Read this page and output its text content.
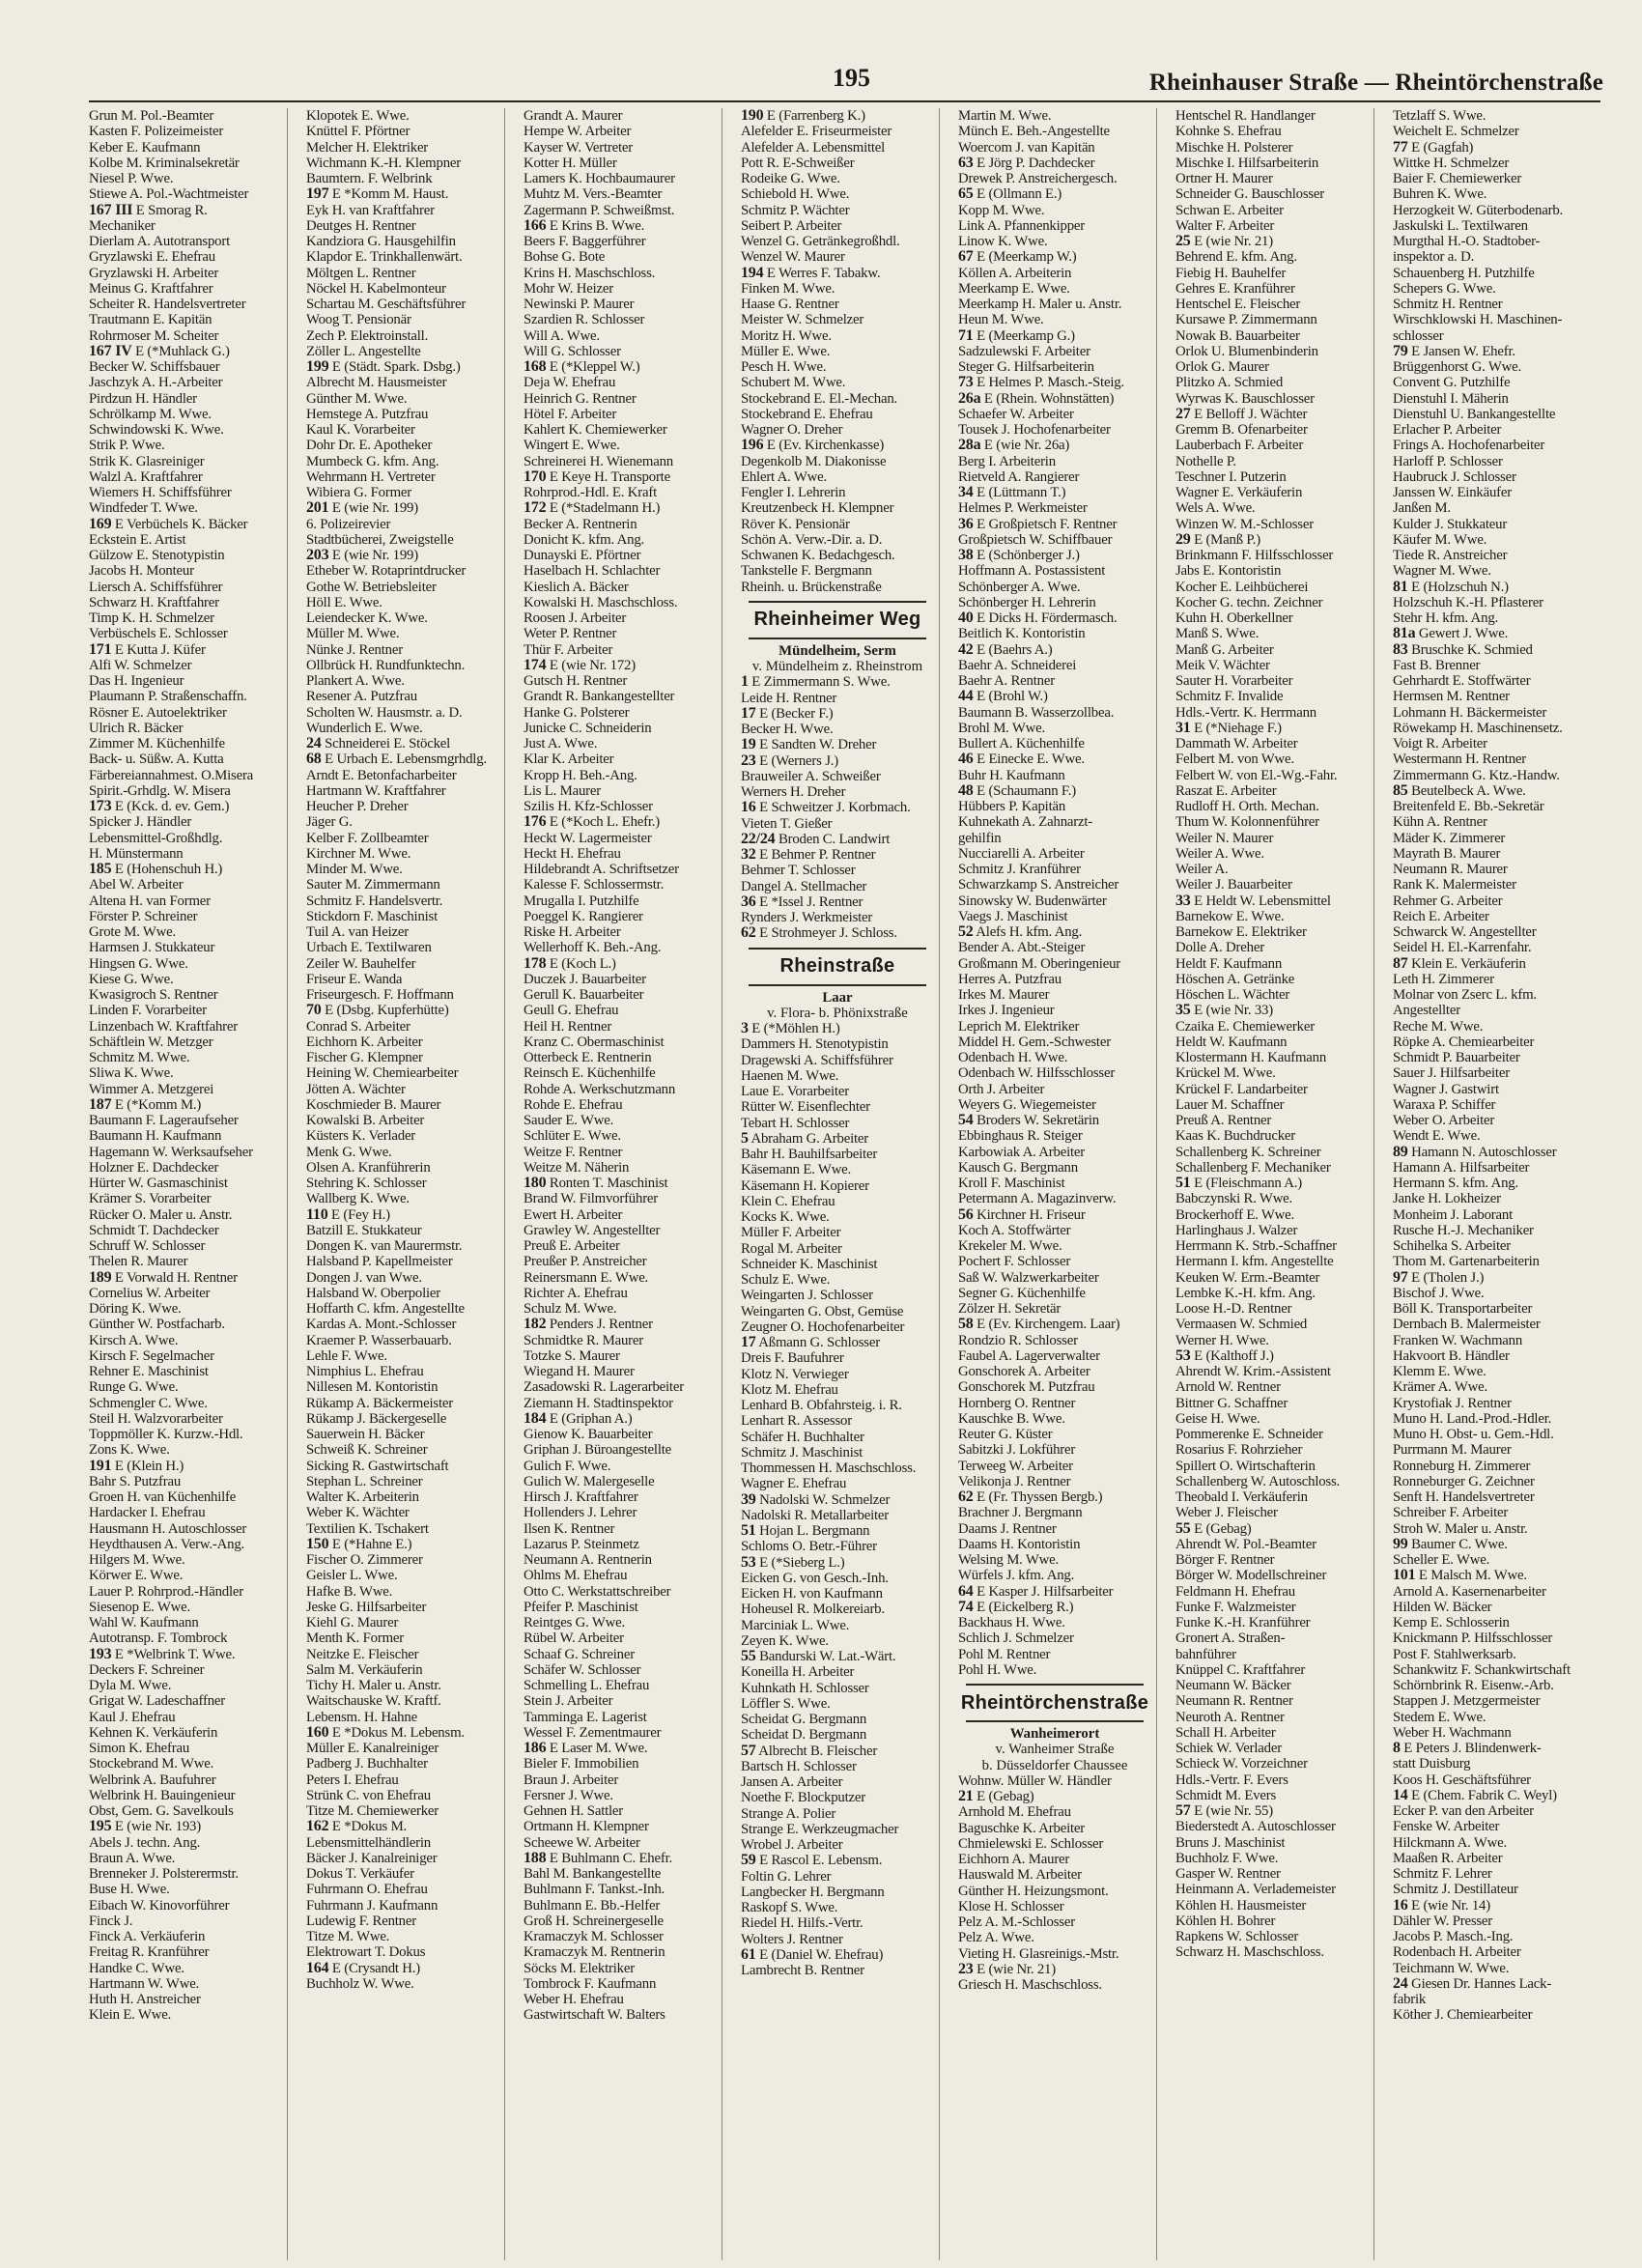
195	Rheinhauser Straße — Rheintörchenstraße
Grun M. Pol.-Beamter
Kasten F. Polizeimeister
Keber E. Kaufmann
Kolbe M. Kriminalsekretär
Niesel P. Wwe.
Stiewe A. Pol.-Wachtmeister
167 III E Smorag R.
Mechaniker
Dierlam A. Autotransport
Gryzlawski E. Ehefrau
Gryzlawski H. Arbeiter
Meinus G. Kraftfahrer
Scheiter R. Handelsvertreter
Trautmann E. Kapitän
Rohrmoser M. Scheiter
167 IV E (*Muhlack G.)
Becker W. Schiffsbauer
Jaschzyk A. H.-Arbeiter
Pirdzun H. Händler
Schrölkamp M. Wwe.
Schwindowski K. Wwe.
Strik P. Wwe.
Strik K. Glasreiniger
Walzl A. Kraftfahrer
Wiemers H. Schiffsführer
Windfeder T. Wwe.
169 E Verbüchels K. Bäcker
Eckstein E. Artist
Gülzow E. Stenotypistin
Jacobs H. Monteur
Liersch A. Schiffsführer
Schwarz H. Kraftfahrer
Timp K. H. Schmelzer
Verbüschels E. Schlosser
171 E Kutta J. Küfer
Alfi W. Schmelzer
Das H. Ingenieur
Plaumann P. Straßenschaffn.
Rösner E. Autoelektriker
Ulrich R. Bäcker
Zimmer M. Küchenhilfe
Back- u. Süßw. A. Kutta
Färbereiannahmest. O.Misera
Spirit.-Grhdlg. W. Misera
173 E (Kck. d. ev. Gem.)
Spicker J. Händler
Lebensmittel-Großhdlg.
H. Münstermann
185 E (Hohenschuh H.)
Abel W. Arbeiter
Altena H. van Former
Förster P. Schreiner
Grote M. Wwe.
Harmsen J. Stukkateur
Hingsen G. Wwe.
Kiese G. Wwe.
Kwasigroch S. Rentner
Linden F. Vorarbeiter
Linzenbach W. Kraftfahrer
Schäftlein W. Metzger
Schmitz M. Wwe.
Sliwa K. Wwe.
Wimmer A. Metzgerei
187 E (*Komm M.)
Baumann F. Lageraufseher
Baumann H. Kaufmann
Hagemann W. Werksaufseher
Holzner E. Dachdecker
Hürter W. Gasmaschinist
Krämer S. Vorarbeiter
Rücker O. Maler u. Anstr.
Schmidt T. Dachdecker
Schruff W. Schlosser
Thelen R. Maurer
189 E Vorwald H. Rentner
Cornelius W. Arbeiter
Döring K. Wwe.
Günther W. Postfacharb.
Kirsch A. Wwe.
Kirsch F. Segelmacher
Rehner E. Maschinist
Runge G. Wwe.
Schmengler C. Wwe.
Steil H. Walzvorarbeiter
Toppmöller K. Kurzw.-Hdl.
Zons K. Wwe.
191 E (Klein H.)
Bahr S. Putzfrau
Groen H. van Küchenhilfe
Hardacker I. Ehefrau
Hausmann H. Autoschlosser
Heydthausen A. Verw.-Ang.
Hilgers M. Wwe.
Körwer E. Wwe.
Lauer P. Rohrprod.-Händler
Siesenop E. Wwe.
Wahl W. Kaufmann
Autotransp. F. Tombrock
193 E *Welbrink T. Wwe.
Deckers F. Schreiner
Dyla M. Wwe.
Grigat W. Ladeschaffner
Kaul J. Ehefrau
Kehnen K. Verkäuferin
Simon K. Ehefrau
Stockebrand M. Wwe.
Welbrink A. Baufuhrer
Welbrink H. Bauingenieur
Obst, Gem. G. Savelkouls
195 E (wie Nr. 193)
Abels J. techn. Ang.
Braun A. Wwe.
Brenneker J. Polsterermstr.
Buse H. Wwe.
Eibach W. Kinovorführer
Finck J.
Finck A. Verkäuferin
Freitag R. Kranführer
Handke C. Wwe.
Hartmann W. Wwe.
Huth H. Anstreicher
Klein E. Wwe.
Klopotek E. Wwe.
Knüttel F. Pförtner
Melcher H. Elektriker
Wichmann K.-H. Klempner
Baumtern. F. Welbrink
197 E *Komm M. Haust.
Eyk H. van Kraftfahrer
Deutges H. Rentner
Kandziora G. Hausgehilfin
Klapdor E. Trinkhallenwärt.
Möltgen L. Rentner
Nöckel H. Kabelmonteur
Schartau M. Geschäftsführer
Woog T. Pensionär
Zech P. Elektroinstall.
Zöller L. Angestellte
199 E (Städt. Spark. Dsbg.)
Albrecht M. Hausmeister
Günther M. Wwe.
Hemstege A. Putzfrau
Kaul K. Vorarbeiter
Dohr Dr. E. Apotheker
Mumbeck G. kfm. Ang.
Wehrmann H. Vertreter
Wibiera G. Former
201 E (wie Nr. 199)
6. Polizeirevier
Stadtbücherei, Zweigstelle
203 E (wie Nr. 199)
Etheber W. Rotaprintdrucker
Gothe W. Betriebsleiter
Höll E. Wwe.
Leiendecker K. Wwe.
Müller M. Wwe.
Nünke J. Rentner
Ollbrück H. Rundfunktechn.
Plankert A. Wwe.
Resener A. Putzfrau
Scholten W. Hausmstr. a. D.
Wunderlich E. Wwe.
24 Schneiderei E. Stöckel
68 E Urbach E. Lebensmgrhdlg.
Arndt E. Betonfacharbeiter
Hartmann W. Kraftfahrer
Heucher P. Dreher
Jäger G.
Kelber F. Zollbeamter
Kirchner M. Wwe.
Minder M. Wwe.
Sauter M. Zimmermann
Schmitz F. Handelsvertr.
Stickdorn F. Maschinist
Tuil A. van Heizer
Urbach E. Textilwaren
Zeiler W. Bauhelfer
Friseur E. Wanda
Friseurgesch. F. Hoffmann
70 E (Dsbg. Kupferhütte)
Conrad S. Arbeiter
Eichhorn K. Arbeiter
Fischer G. Klempner
Heining W. Chemiearbeiter
Jötten A. Wächter
Koschmieder B. Maurer
Kowalski B. Arbeiter
Küsters K. Verlader
Menk G. Wwe.
Olsen A. Kranführerin
Stehring K. Schlosser
Wallberg K. Wwe.
110 E (Fey H.)
Batzill E. Stukkateur
Dongen K. van Maurermstr.
Halsband P. Kapellmeister
Dongen J. van Wwe.
Halsband W. Oberpolier
Hoffarth C. kfm. Angestellte
Kardas A. Mont.-Schlosser
Kraemer P. Wasserbauarb.
Lehle F. Wwe.
Nimphius L. Ehefrau
Nillesen M. Kontoristin
Rükamp A. Bäckermeister
Rükamp J. Bäckergeselle
Sauerwein H. Bäcker
Schweiß K. Schreiner
Sicking R. Gastwirtschaft
Stephan L. Schreiner
Walter K. Arbeiterin
Weber K. Wächter
Textilien K. Tschakert
150 E (*Hahne E.)
Fischer O. Zimmerer
Geisler L. Wwe.
Hafke B. Wwe.
Jeske G. Hilfsarbeiter
Kiehl G. Maurer
Menth K. Former
Neitzke E. Fleischer
Salm M. Verkäuferin
Tichy H. Maler u. Anstr.
Waitschauske W. Kraftf.
Lebensm. H. Hahne
160 E *Dokus M. Lebensm.
Müller E. Kanalreiniger
Padberg J. Buchhalter
Peters I. Ehefrau
Strünk C. von Ehefrau
Titze M. Chemiewerker
162 E *Dokus M.
Lebensmittelhändlerin
Bäcker J. Kanalreiniger
Dokus T. Verkäufer
Fuhrmann O. Ehefrau
Fuhrmann J. Kaufmann
Ludewig F. Rentner
Titze M. Wwe.
Elektrowart T. Dokus
164 E (Crysandt H.)
Buchholz W. Wwe.
Grandt A. Maurer
Hempe W. Arbeiter
Kayser W. Vertreter
Kotter H. Müller
Lamers K. Hochbaumaurer
Muhtz M. Vers.-Beamter
Zagermann P. Schweißmst.
166 E Krins B. Wwe.
Beers F. Baggerführer
Bohse G. Bote
Krins H. Maschschloss.
Mohr W. Heizer
Newinski P. Maurer
Szardien R. Schlosser
Will A. Wwe.
Will G. Schlosser
168 E (*Kleppel W.)
Deja W. Ehefrau
Heinrich G. Rentner
Hötel F. Arbeiter
Kahlert K. Chemiewerker
Wingert E. Wwe.
Schreinerei H. Wienemann
170 E Keye H. Transporte
Rohrprod.-Hdl. E. Kraft
172 E (*Stadelmann H.)
Becker A. Rentnerin
Donicht K. kfm. Ang.
Dunayski E. Pförtner
Haselbach H. Schlachter
Kieslich A. Bäcker
Kowalski H. Maschschloss.
Roosen J. Arbeiter
Weter P. Rentner
Thür F. Arbeiter
174 E (wie Nr. 172)
Gutsch H. Rentner
Grandt R. Bankangestellter
Hanke G. Polsterer
Junicke C. Schneiderin
Just A. Wwe.
Klar K. Arbeiter
Kropp H. Beh.-Ang.
Lis L. Maurer
Szilis H. Kfz-Schlosser
176 E (*Koch L. Ehefr.)
Heckt W. Lagermeister
Heckt H. Ehefrau
Hildebrandt A. Schriftsetzer
Kalesse F. Schlossermstr.
Mrugalla I. Putzhilfe
Poeggel K. Rangierer
Riske H. Arbeiter
Wellerhoff K. Beh.-Ang.
178 E (Koch L.)
Duczek J. Bauarbeiter
Gerull K. Bauarbeiter
Geull G. Ehefrau
Heil H. Rentner
Kranz C. Obermaschinist
Otterbeck E. Rentnerin
Reinsch E. Küchenhilfe
Rohde A. Werkschutzmann
Rohde E. Ehefrau
Sauder E. Wwe.
Schlüter E. Wwe.
Weitze F. Rentner
Weitze M. Näherin
180 Ronten T. Maschinist
Brand W. Filmvorführer
Ewert H. Arbeiter
Grawley W. Angestellter
Preuß E. Arbeiter
Preußer P. Anstreicher
Reinersmann E. Wwe.
Richter A. Ehefrau
Schulz M. Wwe.
182 Penders J. Rentner
Schmidtke R. Maurer
Totzke S. Maurer
Wiegand H. Maurer
Zasadowski R. Lagerarbeiter
Ziemann H. Stadtinspektor
184 E (Griphan A.)
Gienow K. Bauarbeiter
Griphan J. Büroangestellte
Gulich F. Wwe.
Gulich W. Malergeselle
Hirsch J. Kraftfahrer
Hollenders J. Lehrer
Ilsen K. Rentner
Lazarus P. Steinmetz
Neumann A. Rentnerin
Ohlms M. Ehefrau
Otto C. Werkstattschreiber
Pfeifer P. Maschinist
Reintges G. Wwe.
Rübel W. Arbeiter
Schaaf G. Schreiner
Schäfer W. Schlosser
Schmelling L. Ehefrau
Stein J. Arbeiter
Tamminga E. Lagerist
Wessel F. Zementmaurer
186 E Laser M. Wwe.
Bieler F. Immobilien
Braun J. Arbeiter
Fersner J. Wwe.
Gehnen H. Sattler
Ortmann H. Klempner
Scheewe W. Arbeiter
188 E Buhlmann C. Ehefr.
Bahl M. Bankangestellte
Buhlmann F. Tankst.-Inh.
Buhlmann E. Bb.-Helfer
Groß H. Schreinergeselle
Kramaczyk M. Schlosser
Kramaczyk M. Rentnerin
Söcks M. Elektriker
Tombrock F. Kaufmann
Weber H. Ehefrau
Gastwirtschaft W. Balters
190 E (Farrenberg K.)
Alefelder E. Friseurmeister
Alefelder A. Lebensmittel
Pott R. E-Schweißer
Rodeike G. Wwe.
Schiebold H. Wwe.
Schmitz P. Wächter
Seibert P. Arbeiter
Wenzel G. Getränkegroßhdl.
Wenzel W. Maurer
194 E Werres F. Tabakw.
Finken M. Wwe.
Haase G. Rentner
Meister W. Schmelzer
Moritz H. Wwe.
Müller E. Wwe.
Pesch H. Wwe.
Schubert M. Wwe.
Stockebrand E. El.-Mechan.
Stockebrand E. Ehefrau
Wagner O. Dreher
196 E (Ev. Kirchenkasse)
Degenkolb M. Diakonisse
Ehlert A. Wwe.
Fengler I. Lehrerin
Kreutzenbeck H. Klempner
Röver K. Pensionär
Schön A. Verw.-Dir. a. D.
Schwanen K. Bedachgesch.
Tankstelle F. Bergmann
Rheinh. u. Brückenstraße
Rheinheimer Weg
Mündelheim, Serm
v. Mündelheim z. Rheinstrom
1 E Zimmermann S. Wwe.
Leide H. Rentner
17 E (Becker F.)
Becker H. Wwe.
19 E Sandten W. Dreher
23 E (Werners J.)
Brauweiler A. Schweißer
Werners H. Dreher
16 E Schweitzer J. Korbmach.
Vieten T. Gießer
22/24 Broden C. Landwirt
32 E Behmer P. Rentner
Behmer T. Schlosser
Dangel A. Stellmacher
36 E *Issel J. Rentner
Rynders J. Werkmeister
62 E Strohmeyer J. Schloss.
Rheinstraße
Laar
v. Flora- b. Phönixstraße
3 E (*Möhlen H.)
Dammers H. Stenotypistin
Dragewski A. Schiffsführer
Haenen M. Wwe.
Laue E. Vorarbeiter
Rütter W. Eisenflechter
Tebart H. Schlosser
5 Abraham G. Arbeiter
Bahr H. Bauhilfsarbeiter
Käsemann E. Wwe.
Käsemann H. Kopierer
Klein C. Ehefrau
Kocks K. Wwe.
Müller F. Arbeiter
Rogal M. Arbeiter
Schneider K. Maschinist
Schulz E. Wwe.
Weingarten J. Schlosser
Weingarten G. Obst, Gemüse
Zeugner O. Hochofenarbeiter
17 Aßmann G. Schlosser
Dreis F. Baufuhrer
Klotz N. Verwieger
Klotz M. Ehefrau
Lenhard B. Obfahrsteig. i. R.
Lenhart R. Assessor
Schäfer H. Buchhalter
Schmitz J. Maschinist
Thommessen H. Maschschloss.
Wagner E. Ehefrau
39 Nadolski W. Schmelzer
Nadolski R. Metallarbeiter
51 Hojan L. Bergmann
Schloms O. Betr.-Führer
53 E (*Sieberg L.)
Eicken G. von Gesch.-Inh.
Eicken H. von Kaufmann
Hoheusel R. Molkereiarb.
Marciniak L. Wwe.
Zeyen K. Wwe.
55 Bandurski W. Lat.-Wärt.
Koneilla H. Arbeiter
Kuhnkath H. Schlosser
Löffler S. Wwe.
Scheidat G. Bergmann
Scheidat D. Bergmann
57 Albrecht B. Fleischer
Bartsch H. Schlosser
Jansen A. Arbeiter
Noethe F. Blockputzer
Strange A. Polier
Strange E. Werkzeugmacher
Wrobel J. Arbeiter
59 E Rascol E. Lebensm.
Foltin G. Lehrer
Langbecker H. Bergmann
Raskopf S. Wwe.
Riedel H. Hilfs.-Vertr.
Wolters J. Rentner
61 E (Daniel W. Ehefrau)
Lambrecht B. Rentner
Martin M. Wwe.
Münch E. Beh.-Angestellte
Woercom J. van Kapitän
63 E Jörg P. Dachdecker
Drewek P. Anstreichergesch.
65 E (Ollmann E.)
Kopp M. Wwe.
Link A. Pfannenkipper
Linow K. Wwe.
67 E (Meerkamp W.)
Köllen A. Arbeiterin
Meerkamp E. Wwe.
Meerkamp H. Maler u. Anstr.
Heun M. Wwe.
71 E (Meerkamp G.)
Sadzulewski F. Arbeiter
Steger G. Hilfsarbeiterin
73 E Helmes P. Masch.-Steig.
26a E (Rhein. Wohnstätten)
Schaefer W. Arbeiter
Tousek J. Hochofenarbeiter
28a E (wie Nr. 26a)
Berg I. Arbeiterin
Rietveld A. Rangierer
34 E (Lüttmann T.)
Helmes P. Werkmeister
36 E Großpietsch F. Rentner
Großpietsch W. Schiffbauer
38 E (Schönberger J.)
Hoffmann A. Postassistent
Schönberger A. Wwe.
Schönberger H. Lehrerin
40 E Dicks H. Fördermasch.
Beitlich K. Kontoristin
42 E (Baehrs A.)
Baehr A. Schneiderei
Baehr A. Rentner
44 E (Brohl W.)
Baumann B. Wasserzollbea.
Brohl M. Wwe.
Bullert A. Küchenhilfe
46 E Einecke E. Wwe.
Buhr H. Kaufmann
48 E (Schaumann F.)
Hübbers P. Kapitän
Kuhnekath A. Zahnarzt-
gehilfin
Nucciarelli A. Arbeiter
Schmitz J. Kranführer
Schwarzkamp S. Anstreicher
Sinowsky W. Budenwärter
Vaegs J. Maschinist
52 Alefs H. kfm. Ang.
Bender A. Abt.-Steiger
Großmann M. Oberingenieur
Herres A. Putzfrau
Irkes M. Maurer
Irkes J. Ingenieur
Leprich M. Elektriker
Middel H. Gem.-Schwester
Odenbach H. Wwe.
Odenbach W. Hilfsschlosser
Orth J. Arbeiter
Weyers G. Wiegemeister
54 Broders W. Sekretärin
Ebbinghaus R. Steiger
Karbowiak A. Arbeiter
Kausch G. Bergmann
Kroll F. Maschinist
Petermann A. Magazinverw.
56 Kirchner H. Friseur
Koch A. Stoffwärter
Krekeler M. Wwe.
Pochert F. Schlosser
Saß W. Walzwerkarbeiter
Segner G. Küchenhilfe
Zölzer H. Sekretär
58 E (Ev. Kirchengem. Laar)
Rondzio R. Schlosser
Faubel A. Lagerverwalter
Gonschorek A. Arbeiter
Gonschorek M. Putzfrau
Hornberg O. Rentner
Kauschke B. Wwe.
Reuter G. Küster
Sabitzki J. Lokführer
Terweeg W. Arbeiter
Velikonja J. Rentner
62 E (Fr. Thyssen Bergb.)
Brachner J. Bergmann
Daams J. Rentner
Daams H. Kontoristin
Welsing M. Wwe.
Würfels J. kfm. Ang.
64 E Kasper J. Hilfsarbeiter
74 E (Eickelberg R.)
Backhaus H. Wwe.
Schlich J. Schmelzer
Pohl M. Rentner
Pohl H. Wwe.
Rheintörchenstraße
Wanheimerort
v. Wanheimer Straße
b. Düsseldorfer Chaussee
Wohnw. Müller W. Händler
21 E (Gebag)
Arnhold M. Ehefrau
Baguschke K. Arbeiter
Chmielewski E. Schlosser
Eichhorn A. Maurer
Hauswald M. Arbeiter
Günther H. Heizungsmont.
Klose H. Schlosser
Pelz A. M.-Schlosser
Pelz A. Wwe.
Vieting H. Glasreinigs.-Mstr.
23 E (wie Nr. 21)
Griesch H. Maschschloss.
Hentschel R. Handlanger
Kohnke S. Ehefrau
Mischke H. Polsterer
Mischke I. Hilfsarbeiterin
Ortner H. Maurer
Schneider G. Bauschlosser
Schwan E. Arbeiter
Walter F. Arbeiter
25 E (wie Nr. 21)
Behrend E. kfm. Ang.
Fiebig H. Bauhelfer
Gehres E. Kranführer
Hentschel E. Fleischer
Kursawe P. Zimmermann
Nowak B. Bauarbeiter
Orlok U. Blumenbinderin
Orlok G. Maurer
Plitzko A. Schmied
Wyrwas K. Bauschlosser
27 E Belloff J. Wächter
Gremm B. Ofenarbeiter
Lauberbach F. Arbeiter
Nothelle P.
Teschner I. Putzerin
Wagner E. Verkäuferin
Wels A. Wwe.
Winzen W. M.-Schlosser
29 E (Manß P.)
Brinkmann F. Hilfsschlosser
Jabs E. Kontoristin
Kocher E. Leihbücherei
Kocher G. techn. Zeichner
Kuhn H. Oberkellner
Manß S. Wwe.
Manß G. Arbeiter
Meik V. Wächter
Sauter H. Vorarbeiter
Schmitz F. Invalide
Hdls.-Vertr. K. Herrmann
31 E (*Niehage F.)
Dammath W. Arbeiter
Felbert M. von Wwe.
Felbert W. von El.-Wg.-Fahr.
Raszat E. Arbeiter
Rudloff H. Orth. Mechan.
Thum W. Kolonnenführer
Weiler N. Maurer
Weiler A. Wwe.
Weiler A.
Weiler J. Bauarbeiter
33 E Heldt W. Lebensmittel
Barnekow E. Wwe.
Barnekow E. Elektriker
Dolle A. Dreher
Heldt F. Kaufmann
Höschen A. Getränke
Höschen L. Wächter
35 E (wie Nr. 33)
Czaika E. Chemiewerker
Heldt W. Kaufmann
Klostermann H. Kaufmann
Krückel M. Wwe.
Krückel F. Landarbeiter
Lauer M. Schaffner
Preuß A. Rentner
Kaas K. Buchdrucker
Schallenberg K. Schreiner
Schallenberg F. Mechaniker
51 E (Fleischmann A.)
Babczynski R. Wwe.
Brockerhoff E. Wwe.
Harlinghaus J. Walzer
Herrmann K. Strb.-Schaffner
Hermann I. kfm. Angestellte
Keuken W. Erm.-Beamter
Lembke K.-H. kfm. Ang.
Loose H.-D. Rentner
Vermaasen W. Schmied
Werner H. Wwe.
53 E (Kalthoff J.)
Ahrendt W. Krim.-Assistent
Arnold W. Rentner
Bittner G. Schaffner
Geise H. Wwe.
Pommerenke E. Schneider
Rosarius F. Rohrzieher
Spillert O. Wirtschafterin
Schallenberg W. Autoschloss.
Theobald I. Verkäuferin
Weber J. Fleischer
55 E (Gebag)
Ahrendt W. Pol.-Beamter
Börger F. Rentner
Börger W. Modellschreiner
Feldmann H. Ehefrau
Funke F. Walzmeister
Funke K.-H. Kranführer
Gronert A. Straßen-
bahnführer
Knüppel C. Kraftfahrer
Neumann W. Bäcker
Neumann R. Rentner
Neuroth A. Rentner
Schall H. Arbeiter
Schiek W. Verlader
Schieck W. Vorzeichner
Hdls.-Vertr. F. Evers
Schmidt M. Evers
57 E (wie Nr. 55)
Biederstedt A. Autoschlosser
Bruns J. Maschinist
Buchholz F. Wwe.
Gasper W. Rentner
Heinmann A. Verlademeister
Köhlen H. Hausmeister
Köhlen H. Bohrer
Rapkens W. Schlosser
Schwarz H. Maschschloss.
Tetzlaff S. Wwe.
Weichelt E. Schmelzer
77 E (Gagfah)
Wittke H. Schmelzer
Baier F. Chemiewerker
Buhren K. Wwe.
Herzogkeit W. Güterbodenarb.
Jaskulski L. Textilwaren
Murgthal H.-O. Stadtober-
inspektor a. D.
Schauenberg H. Putzhilfe
Schepers G. Wwe.
Schmitz H. Rentner
Wirschklowski H. Maschinen-
schlosser
79 E Jansen W. Ehefr.
Brüggenhorst G. Wwe.
Convent G. Putzhilfe
Dienstuhl I. Mäherin
Dienstuhl U. Bankangestellte
Erlacher P. Arbeiter
Frings A. Hochofenarbeiter
Harloff P. Schlosser
Haubruck J. Schlosser
Janssen W. Einkäufer
Janßen M.
Kulder J. Stukkateur
Käufer M. Wwe.
Tiede R. Anstreicher
Wagner M. Wwe.
81 E (Holzschuh N.)
Holzschuh K.-H. Pflasterer
Stehr H. kfm. Ang.
81a Gewert J. Wwe.
83 Bruschke K. Schmied
Fast B. Brenner
Gehrhardt E. Stoffwärter
Hermsen M. Rentner
Lohmann H. Bäckermeister
Röwekamp H. Maschinensetz.
Voigt R. Arbeiter
Westermann H. Rentner
Zimmermann G. Ktz.-Handw.
85 Beutelbeck A. Wwe.
Breitenfeld E. Bb.-Sekretär
Kühn A. Rentner
Mäder K. Zimmerer
Mayrath B. Maurer
Neumann R. Maurer
Rank K. Malermeister
Rehmer G. Arbeiter
Reich E. Arbeiter
Schwarck W. Angestellter
Seidel H. El.-Karrenfahr.
87 Klein E. Verkäuferin
Leth H. Zimmerer
Molnar von Zserc L. kfm.
Angestellter
Reche M. Wwe.
Röpke A. Chemiearbeiter
Schmidt P. Bauarbeiter
Sauer J. Hilfsarbeiter
Wagner J. Gastwirt
Waraxa P. Schiffer
Weber O. Arbeiter
Wendt E. Wwe.
89 Hamann N. Autoschlosser
Hamann A. Hilfsarbeiter
Hermann S. kfm. Ang.
Janke H. Lokheizer
Monheim J. Laborant
Rusche H.-J. Mechaniker
Schihelka S. Arbeiter
Thom M. Gartenarbeiterin
97 E (Tholen J.)
Bischof J. Wwe.
Böll K. Transportarbeiter
Dernbach B. Malermeister
Franken W. Wachmann
Hakvoort B. Händler
Klemm E. Wwe.
Krämer A. Wwe.
Krystofiak J. Rentner
Muno H. Land.-Prod.-Hdler.
Muno H. Obst- u. Gem.-Hdl.
Purrmann M. Maurer
Ronneburg H. Zimmerer
Ronneburger G. Zeichner
Senft H. Handelsvertreter
Schreiber F. Arbeiter
Stroh W. Maler u. Anstr.
99 Baumer C. Wwe.
Scheller E. Wwe.
101 E Malsch M. Wwe.
Arnold A. Kasernenarbeiter
Hilden W. Bäcker
Kemp E. Schlosserin
Knickmann P. Hilfsschlosser
Post F. Stahlwerksarb.
Schankwitz F. Schankwirtschaft
Schörnbrink R. Eisenw.-Arb.
Stappen J. Metzgermeister
Stedem E. Wwe.
Weber H. Wachmann
8 E Peters J. Blindenwerk-
statt Duisburg
Koos H. Geschäftsführer
14 E (Chem. Fabrik C. Weyl)
Ecker P. van den Arbeiter
Fenske W. Arbeiter
Hilckmann A. Wwe.
Maaßen R. Arbeiter
Schmitz F. Lehrer
Schmitz J. Destillateur
16 E (wie Nr. 14)
Dähler W. Presser
Jacobs P. Masch.-Ing.
Rodenbach H. Arbeiter
Teichmann W. Wwe.
24 Giesen Dr. Hannes Lack-
fabrik
Köther J. Chemiearbeiter
